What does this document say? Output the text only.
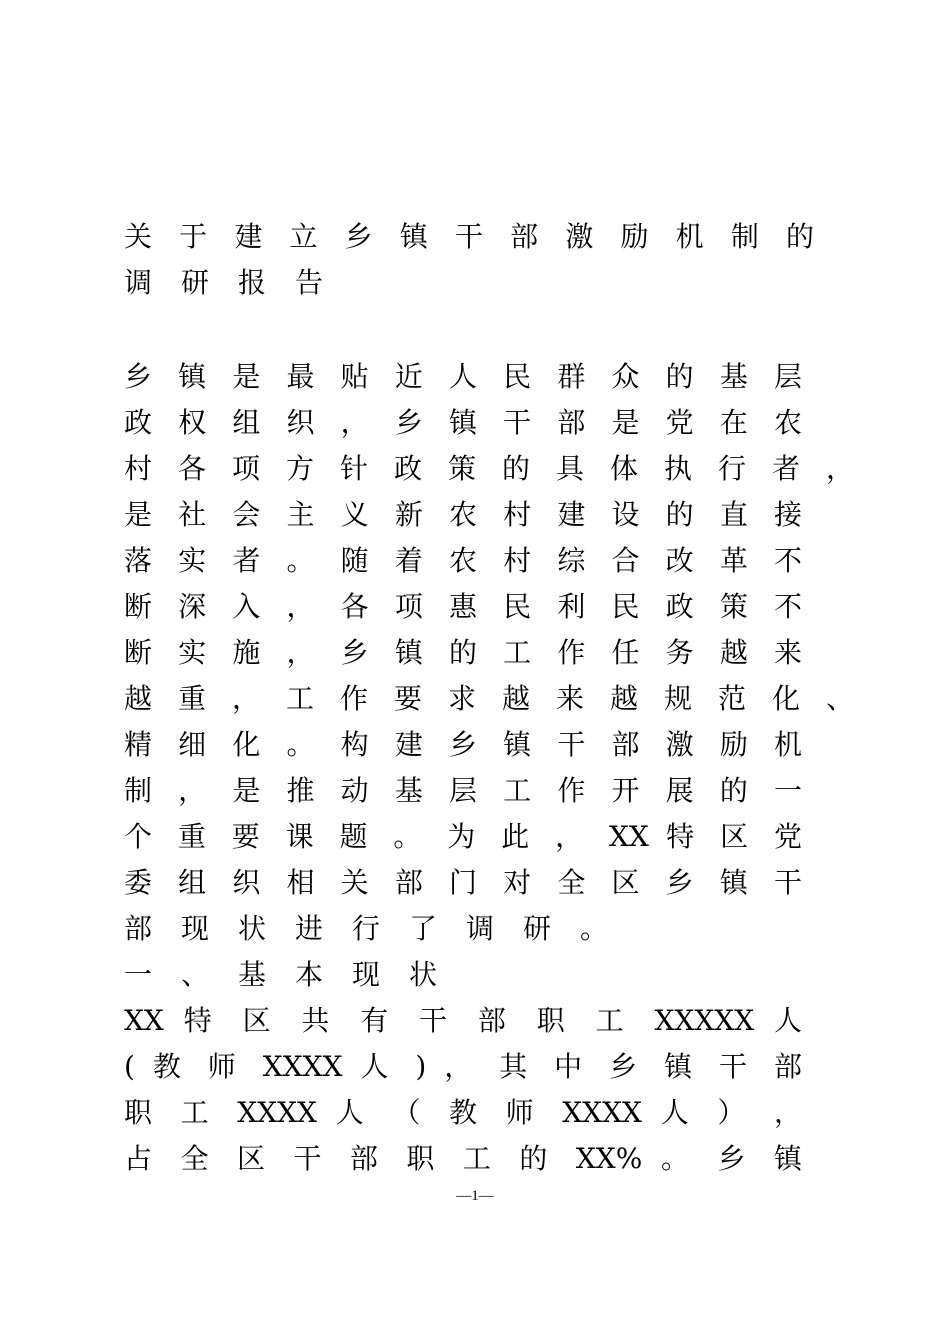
关 于 建 立 乡 镇 干 部 激 励 机 制 的
调研报告
乡 镇 是 最 贴 近 人 民 群 众 的 基 层
政 权 组 织 ， 乡 镇 干 部 是 党 在 农
村 各 项 方 针 政 策 的 具 体 执 行 者 ，
是 社 会 主 义 新 农 村 建 设 的 直 接
落 实 者 。 随 着 农 村 综 合 改 革 不
断 深 入 ， 各 项 惠 民 利 民 政 策 不
断 实 施 ， 乡 镇 的 工 作 任 务 越 来
越 重 ， 工 作 要 求 越 来 越 规 范 化 、
精 细 化 。 构 建 乡 镇 干 部 激 励 机
制 ， 是 推 动 基 层 工 作 开 展 的 一
个 重 要 课 题 。 为 此 ， XX 特 区 党
委 组 织 相 关 部 门 对 全 区 乡 镇 干
部现状进行了调研。
一、基本现状
XX 特 区 共 有 干 部 职 工 XXXXX 人
( 教 师 XXXX 人 ) ， 其 中 乡 镇 干 部
职 工 XXXX 人 （ 教 师 XXXX 人 ） ，
占 全 区 干 部 职 工 的 XX% 。 乡 镇
—1—
